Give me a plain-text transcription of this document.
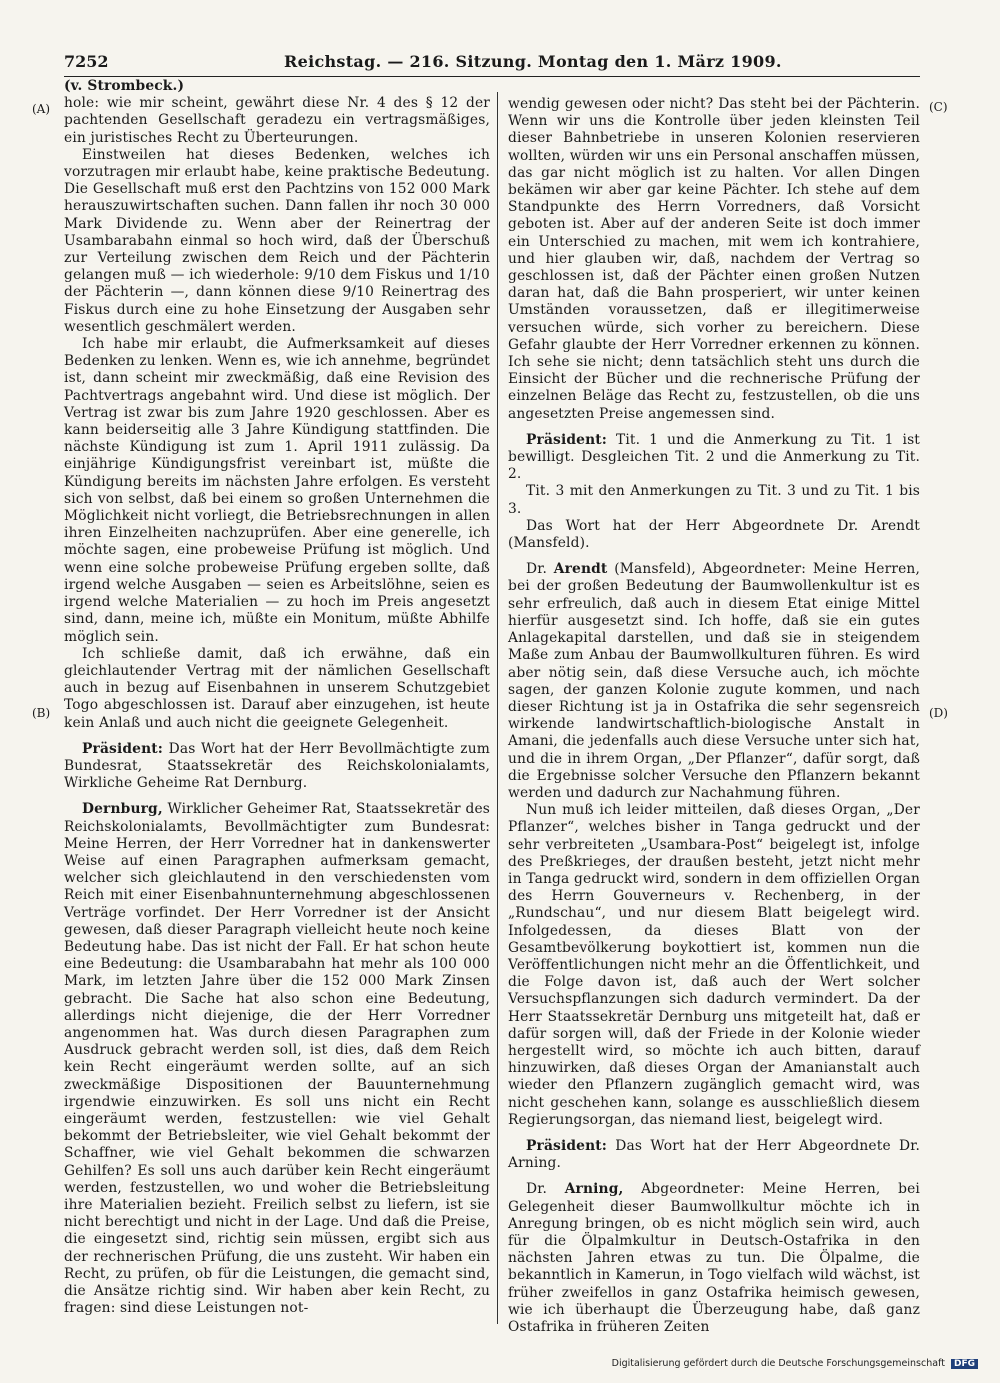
7252	Reichstag. — 216. Sitzung. Montag den 1. März 1909.
(A)
(B)
(C)
(D)

(v. Strombeck.)

hole: wie mir scheint, gewährt diese Nr. 4 des § 12 der pachtenden Gesellschaft geradezu ein vertragsmäßiges, ein juristisches Recht zu Überteurungen.

Einstweilen hat dieses Bedenken, welches ich vorzutragen mir erlaubt habe, keine praktische Bedeutung. Die Gesellschaft muß erst den Pachtzins von 152 000 Mark herauszuwirtschaften suchen. Dann fallen ihr noch 30 000 Mark Dividende zu. Wenn aber der Reinertrag der Usambarabahn einmal so hoch wird, daß der Überschuß zur Verteilung zwischen dem Reich und der Pächterin gelangen muß — ich wiederhole: 9/10 dem Fiskus und 1/10 der Pächterin —, dann können diese 9/10 Reinertrag des Fiskus durch eine zu hohe Einsetzung der Ausgaben sehr wesentlich geschmälert werden.

Ich habe mir erlaubt, die Aufmerksamkeit auf dieses Bedenken zu lenken. Wenn es, wie ich annehme, begründet ist, dann scheint mir zweckmäßig, daß eine Revision des Pachtvertrags angebahnt wird. Und diese ist möglich. Der Vertrag ist zwar bis zum Jahre 1920 geschlossen. Aber es kann beiderseitig alle 3 Jahre Kündigung stattfinden. Die nächste Kündigung ist zum 1. April 1911 zulässig. Da einjährige Kündigungsfrist vereinbart ist, müßte die Kündigung bereits im nächsten Jahre erfolgen. Es versteht sich von selbst, daß bei einem so großen Unternehmen die Möglichkeit nicht vorliegt, die Betriebsrechnungen in allen ihren Einzelheiten nachzuprüfen. Aber eine generelle, ich möchte sagen, eine probeweise Prüfung ist möglich. Und wenn eine solche probeweise Prüfung ergeben sollte, daß irgend welche Ausgaben — seien es Arbeitslöhne, seien es irgend welche Materialien — zu hoch im Preis angesetzt sind, dann, meine ich, müßte ein Monitum, müßte Abhilfe möglich sein.

Ich schließe damit, daß ich erwähne, daß ein gleichlautender Vertrag mit der nämlichen Gesellschaft auch in bezug auf Eisenbahnen in unserem Schutzgebiet Togo abgeschlossen ist. Darauf aber einzugehen, ist heute kein Anlaß und auch nicht die geeignete Gelegenheit.

Präsident: Das Wort hat der Herr Bevollmächtigte zum Bundesrat, Staatssekretär des Reichskolonialamts, Wirkliche Geheime Rat Dernburg.

Dernburg, Wirklicher Geheimer Rat, Staatssekretär des Reichskolonialamts, Bevollmächtigter zum Bundesrat: Meine Herren, der Herr Vorredner hat in dankenswerter Weise auf einen Paragraphen aufmerksam gemacht, welcher sich gleichlautend in den verschiedensten vom Reich mit einer Eisenbahnunternehmung abgeschlossenen Verträge vorfindet. Der Herr Vorredner ist der Ansicht gewesen, daß dieser Paragraph vielleicht heute noch keine Bedeutung habe. Das ist nicht der Fall. Er hat schon heute eine Bedeutung: die Usambarabahn hat mehr als 100 000 Mark, im letzten Jahre über die 152 000 Mark Zinsen gebracht. Die Sache hat also schon eine Bedeutung, allerdings nicht diejenige, die der Herr Vorredner angenommen hat. Was durch diesen Paragraphen zum Ausdruck gebracht werden soll, ist dies, daß dem Reich kein Recht eingeräumt werden sollte, auf an sich zweckmäßige Dispositionen der Bauunternehmung irgendwie einzuwirken. Es soll uns nicht ein Recht eingeräumt werden, festzustellen: wie viel Gehalt bekommt der Betriebsleiter, wie viel Gehalt bekommt der Schaffner, wie viel Gehalt bekommen die schwarzen Gehilfen? Es soll uns auch darüber kein Recht eingeräumt werden, festzustellen, wo und woher die Betriebsleitung ihre Materialien bezieht. Freilich selbst zu liefern, ist sie nicht berechtigt und nicht in der Lage. Und daß die Preise, die eingesetzt sind, richtig sein müssen, ergibt sich aus der rechnerischen Prüfung, die uns zusteht. Wir haben ein Recht, zu prüfen, ob für die Leistungen, die gemacht sind, die Ansätze richtig sind. Wir haben aber kein Recht, zu fragen: sind diese Leistungen not-

wendig gewesen oder nicht? Das steht bei der Pächterin. Wenn wir uns die Kontrolle über jeden kleinsten Teil dieser Bahnbetriebe in unseren Kolonien reservieren wollten, würden wir uns ein Personal anschaffen müssen, das gar nicht möglich ist zu halten. Vor allen Dingen bekämen wir aber gar keine Pächter. Ich stehe auf dem Standpunkte des Herrn Vorredners, daß Vorsicht geboten ist. Aber auf der anderen Seite ist doch immer ein Unterschied zu machen, mit wem ich kontrahiere, und hier glauben wir, daß, nachdem der Vertrag so geschlossen ist, daß der Pächter einen großen Nutzen daran hat, daß die Bahn prosperiert, wir unter keinen Umständen voraussetzen, daß er illegitimerweise versuchen würde, sich vorher zu bereichern. Diese Gefahr glaubte der Herr Vorredner erkennen zu können. Ich sehe sie nicht; denn tatsächlich steht uns durch die Einsicht der Bücher und die rechnerische Prüfung der einzelnen Beläge das Recht zu, festzustellen, ob die uns angesetzten Preise angemessen sind.

Präsident: Tit. 1 und die Anmerkung zu Tit. 1 ist bewilligt. Desgleichen Tit. 2 und die Anmerkung zu Tit. 2.

Tit. 3 mit den Anmerkungen zu Tit. 3 und zu Tit. 1 bis 3.

Das Wort hat der Herr Abgeordnete Dr. Arendt (Mansfeld).

Dr. Arendt (Mansfeld), Abgeordneter: Meine Herren, bei der großen Bedeutung der Baumwollenkultur ist es sehr erfreulich, daß auch in diesem Etat einige Mittel hierfür ausgesetzt sind. Ich hoffe, daß sie ein gutes Anlagekapital darstellen, und daß sie in steigendem Maße zum Anbau der Baumwollkulturen führen. Es wird aber nötig sein, daß diese Versuche auch, ich möchte sagen, der ganzen Kolonie zugute kommen, und nach dieser Richtung ist ja in Ostafrika die sehr segensreich wirkende landwirtschaftlich-biologische Anstalt in Amani, die jedenfalls auch diese Versuche unter sich hat, und die in ihrem Organ, „Der Pflanzer“, dafür sorgt, daß die Ergebnisse solcher Versuche den Pflanzern bekannt werden und dadurch zur Nachahmung führen.

Nun muß ich leider mitteilen, daß dieses Organ, „Der Pflanzer“, welches bisher in Tanga gedruckt und der sehr verbreiteten „Usambara-Post“ beigelegt ist, infolge des Preßkrieges, der draußen besteht, jetzt nicht mehr in Tanga gedruckt wird, sondern in dem offiziellen Organ des Herrn Gouverneurs v. Rechenberg, in der „Rundschau“, und nur diesem Blatt beigelegt wird. Infolgedessen, da dieses Blatt von der Gesamtbevölkerung boykottiert ist, kommen nun die Veröffentlichungen nicht mehr an die Öffentlichkeit, und die Folge davon ist, daß auch der Wert solcher Versuchspflanzungen sich dadurch vermindert. Da der Herr Staatssekretär Dernburg uns mitgeteilt hat, daß er dafür sorgen will, daß der Friede in der Kolonie wieder hergestellt wird, so möchte ich auch bitten, darauf hinzuwirken, daß dieses Organ der Amanianstalt auch wieder den Pflanzern zugänglich gemacht wird, was nicht geschehen kann, solange es ausschließlich diesem Regierungsorgan, das niemand liest, beigelegt wird.

Präsident: Das Wort hat der Herr Abgeordnete Dr. Arning.

Dr. Arning, Abgeordneter: Meine Herren, bei Gelegenheit dieser Baumwollkultur möchte ich in Anregung bringen, ob es nicht möglich sein wird, auch für die Ölpalmkultur in Deutsch-Ostafrika in den nächsten Jahren etwas zu tun. Die Ölpalme, die bekanntlich in Kamerun, in Togo vielfach wild wächst, ist früher zweifellos in ganz Ostafrika heimisch gewesen, wie ich überhaupt die Überzeugung habe, daß ganz Ostafrika in früheren Zeiten

Digitalisierung gefördert durch die Deutsche Forschungsgemeinschaft DFG
